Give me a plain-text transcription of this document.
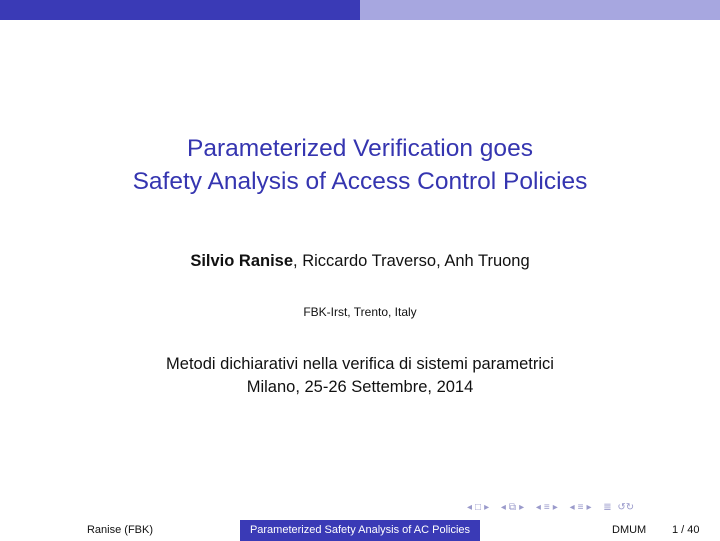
Parameterized Verification goes
Safety Analysis of Access Control Policies
Silvio Ranise, Riccardo Traverso, Anh Truong
FBK-Irst, Trento, Italy
Metodi dichiarativi nella verifica di sistemi parametrici
Milano, 25-26 Settembre, 2014
◂ □ ▸ ◂ ⧉ ▸ ◂ ≡ ▸ ◂ ≡ ▸ ≣ ↺↻
Ranise (FBK)	Parameterized Safety Analysis of AC Policies	DMUM 1 / 40
